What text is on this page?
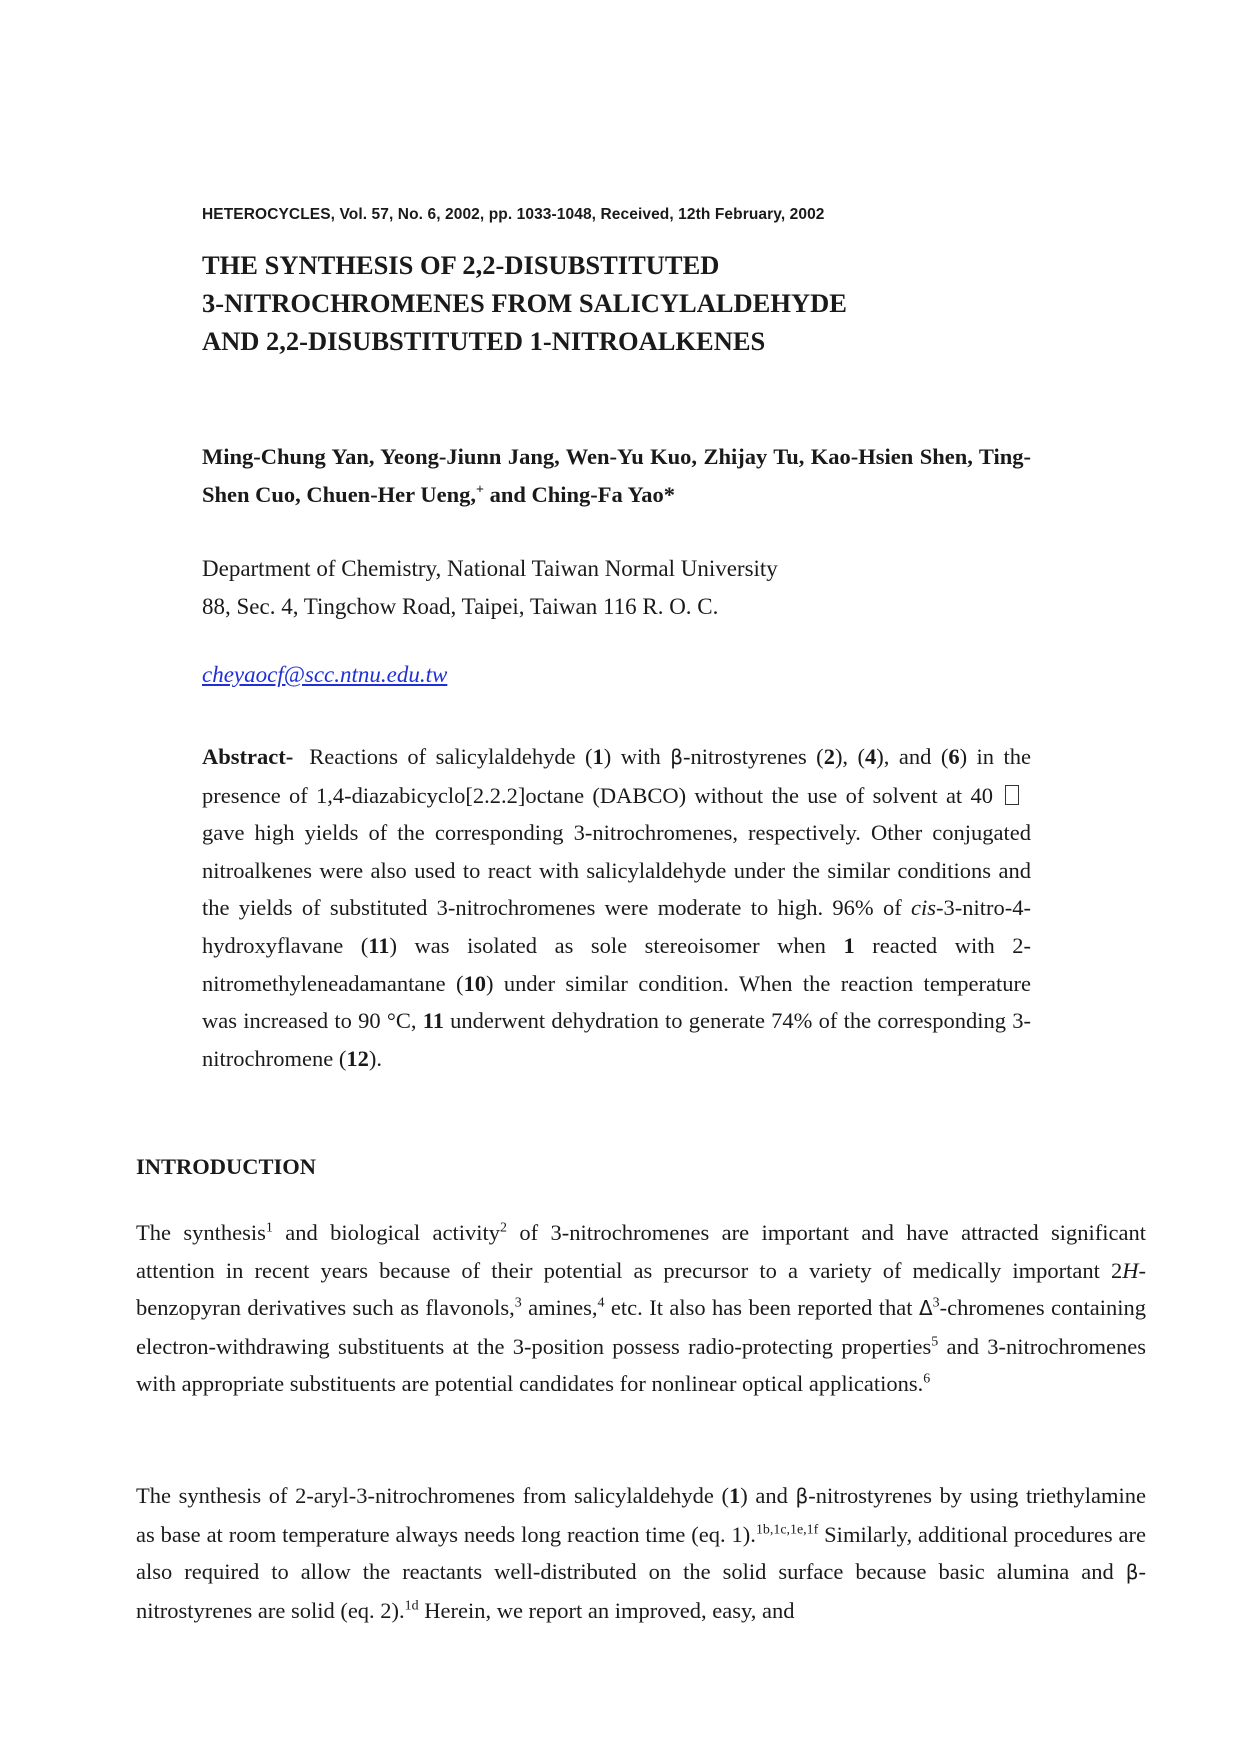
HETEROCYCLES, Vol. 57, No. 6, 2002, pp. 1033-1048, Received, 12th February, 2002
THE SYNTHESIS OF 2,2-DISUBSTITUTED
3-NITROCHROMENES FROM SALICYLALDEHYDE
AND 2,2-DISUBSTITUTED 1-NITROALKENES
Ming-Chung Yan, Yeong-Jiunn Jang, Wen-Yu Kuo, Zhijay Tu, Kao-Hsien Shen, Ting-Shen Cuo, Chuen-Her Ueng,+ and Ching-Fa Yao*
Department of Chemistry, National Taiwan Normal University
88, Sec. 4, Tingchow Road, Taipei, Taiwan 116 R. O. C.
cheyaocf@scc.ntnu.edu.tw
Abstract- Reactions of salicylaldehyde (1) with β-nitrostyrenes (2), (4), and (6) in the presence of 1,4-diazabicyclo[2.2.2]octane (DABCO) without the use of solvent at 40gave high yields of the corresponding 3-nitrochromenes, respectively. Other conjugated nitroalkenes were also used to react with salicylaldehyde under the similar conditions and the yields of substituted 3-nitrochromenes were moderate to high. 96% of cis-3-nitro-4-hydroxyflavane (11) was isolated as sole stereoisomer when 1 reacted with 2-nitromethyleneadamantane (10) under similar condition. When the reaction temperature was increased to 90 °C, 11 underwent dehydration to generate 74% of the corresponding 3-nitrochromene (12).
INTRODUCTION
The synthesis$^1$ and biological activity$^2$ of 3-nitrochromenes are important and have attracted significant attention in recent years because of their potential as precursor to a variety of medically important 2H-benzopyran derivatives such as flavonols,$^3$ amines,$^4$ etc. It also has been reported that $\Delta^3$-chromenes containing electron-withdrawing substituents at the 3-position possess radio-protecting properties$^5$ and 3-nitrochromenes with appropriate substituents are potential candidates for nonlinear optical applications.$^6$
The synthesis of 2-aryl-3-nitrochromenes from salicylaldehyde (1) and β-nitrostyrenes by using triethylamine as base at room temperature always needs long reaction time (eq. 1).$^{1b,1c,1e,1f}$ Similarly, additional procedures are also required to allow the reactants well-distributed on the solid surface because basic alumina and β-nitrostyrenes are solid (eq. 2).$^{1d}$ Herein, we report an improved, easy, and
